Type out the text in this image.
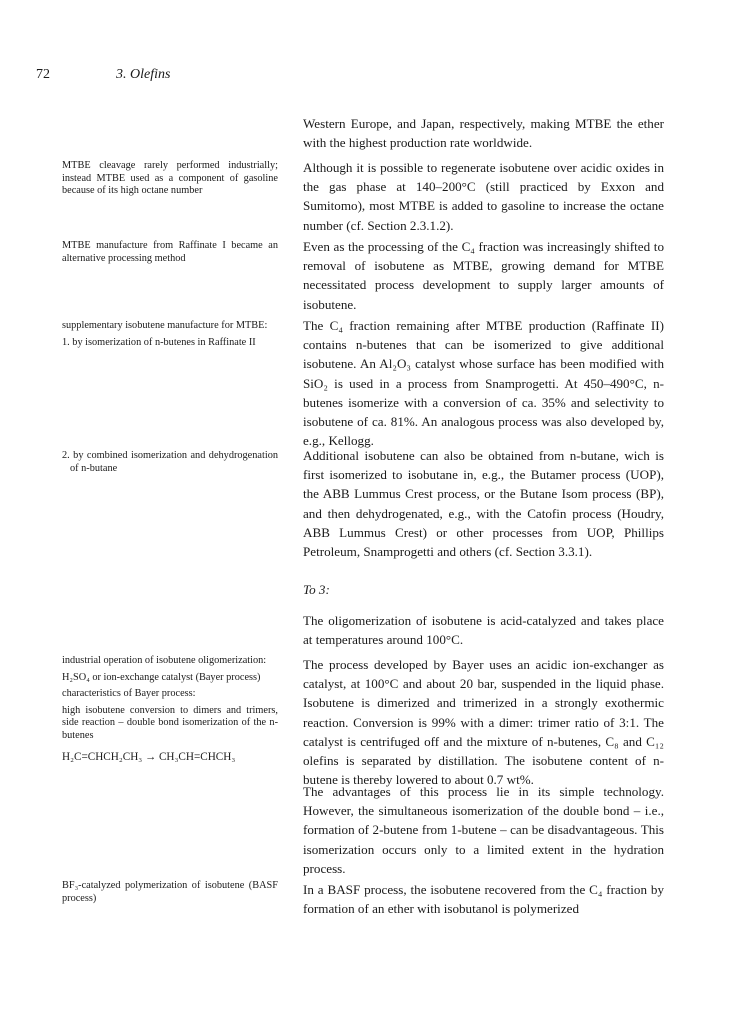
72	3. Olefins

MTBE cleavage rarely performed industrially; instead MTBE used as a component of gasoline because of its high octane number

MTBE manufacture from Raffinate I became an alternative processing method

supplementary isobutene manufacture for MTBE:

1. by isomerization of n-butenes in Raffinate II

2. by combined isomerization and dehydrogenation of n-butane

industrial operation of isobutene oligomerization:

H₂SO₄ or ion-exchange catalyst (Bayer process)

characteristics of Bayer process:

high isobutene conversion to dimers and trimers, side reaction – double bond isomerization of the n-butenes

H₂C=CHCH₂CH₃ → CH₃CH=CHCH₃

BF₃-catalyzed polymerization of isobutene (BASF process)

Western Europe, and Japan, respectively, making MTBE the ether with the highest production rate worldwide.

Although it is possible to regenerate isobutene over acidic oxides in the gas phase at 140–200°C (still practiced by Exxon and Sumitomo), most MTBE is added to gasoline to increase the octane number (cf. Section 2.3.1.2).

Even as the processing of the C₄ fraction was increasingly shifted to removal of isobutene as MTBE, growing demand for MTBE necessitated process development to supply larger amounts of isobutene.

The C₄ fraction remaining after MTBE production (Raffinate II) contains n-butenes that can be isomerized to give additional isobutene. An Al₂O₃ catalyst whose surface has been modified with SiO₂ is used in a process from Snamprogetti. At 450–490°C, n-butenes isomerize with a conversion of ca. 35% and selectivity to isobutene of ca. 81%. An analogous process was also developed by, e.g., Kellogg.

Additional isobutene can also be obtained from n-butane, wich is first isomerized to isobutane in, e.g., the Butamer process (UOP), the ABB Lummus Crest process, or the Butane Isom process (BP), and then dehydrogenated, e.g., with the Catofin process (Houdry, ABB Lummus Crest) or other processes from UOP, Phillips Petroleum, Snamprogetti and others (cf. Section 3.3.1).

To 3:

The oligomerization of isobutene is acid-catalyzed and takes place at temperatures around 100°C.

The process developed by Bayer uses an acidic ion-exchanger as catalyst, at 100°C and about 20 bar, suspended in the liquid phase. Isobutene is dimerized and trimerized in a strongly exothermic reaction. Conversion is 99% with a dimer: trimer ratio of 3:1. The catalyst is centrifuged off and the mixture of n-butenes, C₈ and C₁₂ olefins is separated by distillation. The isobutene content of n-butene is thereby lowered to about 0.7 wt%.

The advantages of this process lie in its simple technology. However, the simultaneous isomerization of the double bond – i.e., formation of 2-butene from 1-butene – can be disadvantageous. This isomerization occurs only to a limited extent in the hydration process.

In a BASF process, the isobutene recovered from the C₄ fraction by formation of an ether with isobutanol is polymerized
